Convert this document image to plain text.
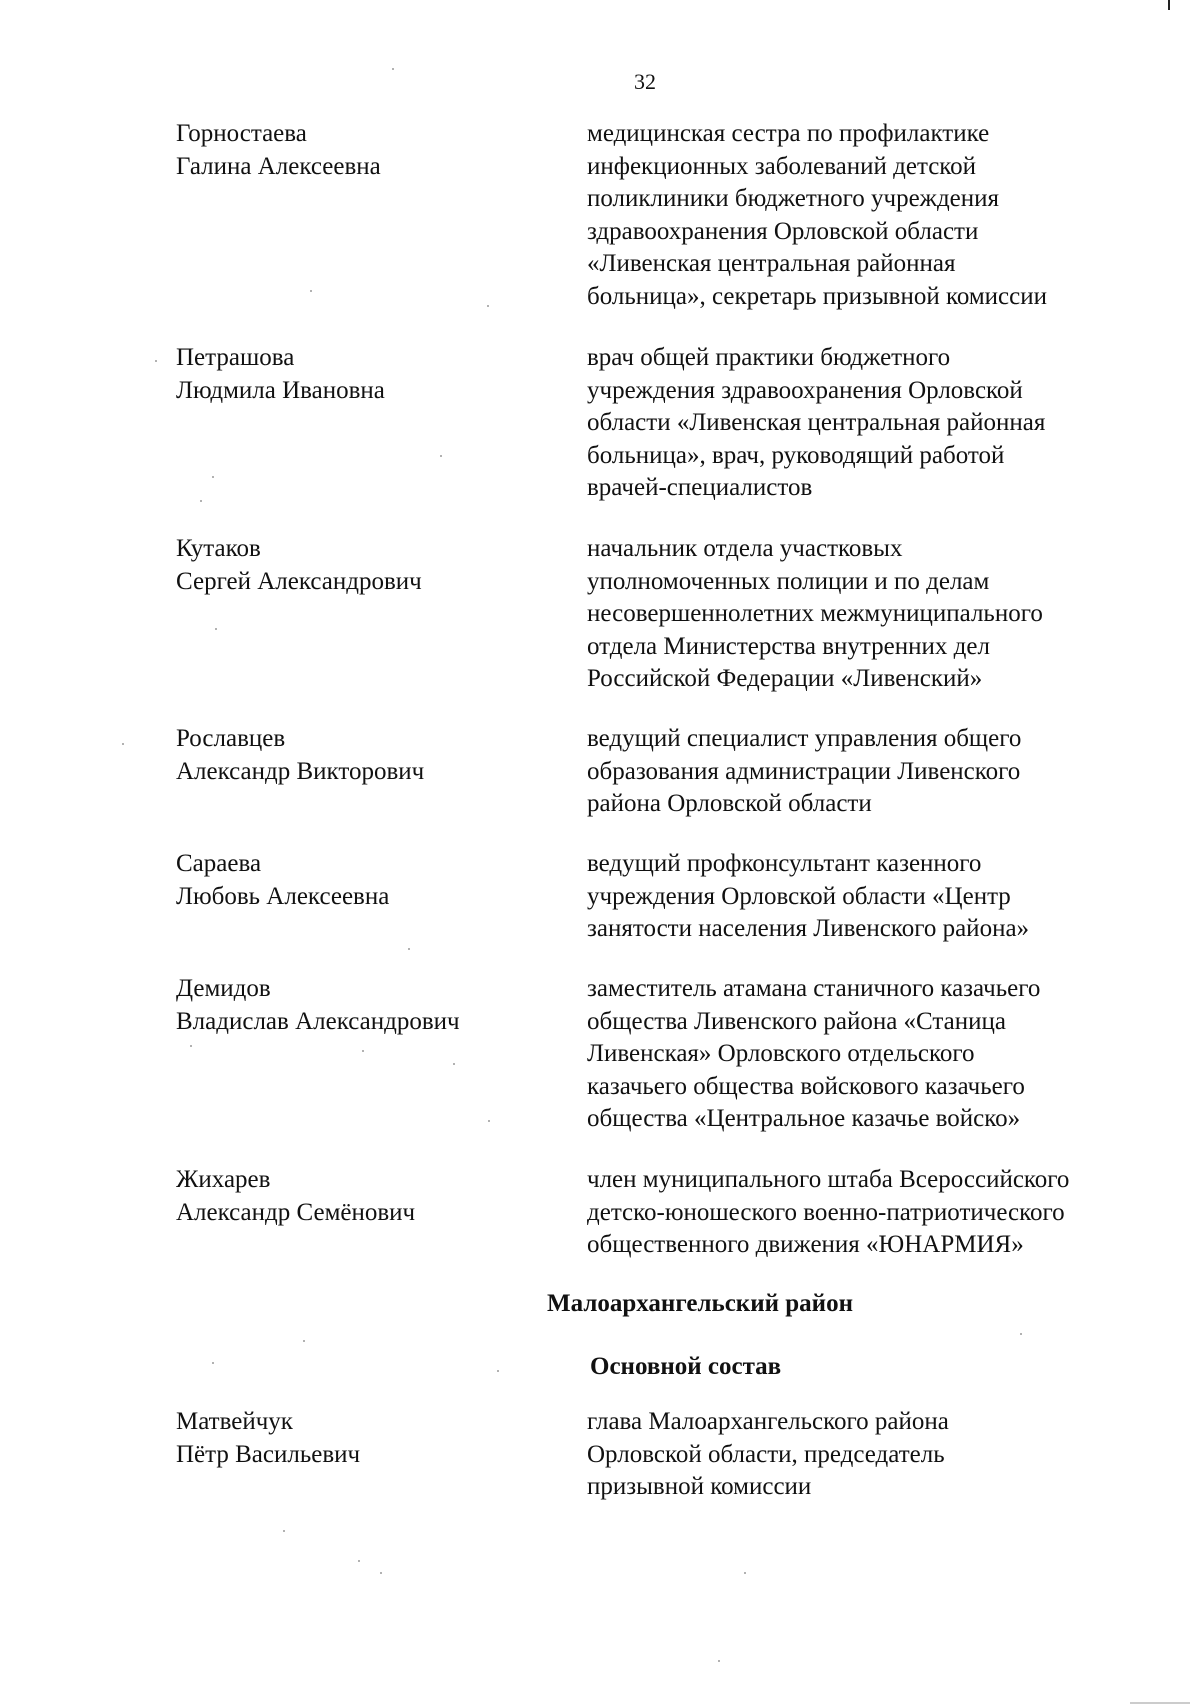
32
Горностаева
Галина Алексеевна
медицинская сестра по профилактике
инфекционных заболеваний детской
поликлиники бюджетного учреждения
здравоохранения Орловской области
«Ливенская центральная районная
больница», секретарь призывной комиссии
Петрашова
Людмила Ивановна
врач общей практики бюджетного
учреждения здравоохранения Орловской
области «Ливенская центральная районная
больница», врач, руководящий работой
врачей-специалистов
Кутаков
Сергей Александрович
начальник отдела участковых
уполномоченных полиции и по делам
несовершеннолетних межмуниципального
отдела Министерства внутренних дел
Российской Федерации «Ливенский»
Рославцев
Александр Викторович
ведущий специалист управления общего
образования администрации Ливенского
района Орловской области
Сараева
Любовь Алексеевна
ведущий профконсультант казенного
учреждения Орловской области «Центр
занятости населения Ливенского района»
Демидов
Владислав Александрович
заместитель атамана станичного казачьего
общества Ливенского района «Станица
Ливенская» Орловского отдельского
казачьего общества войскового казачьего
общества «Центральное казачье войско»
Жихарев
Александр Семёнович
член муниципального штаба Всероссийского
детско-юношеского военно-патриотического
общественного движения «ЮНАРМИЯ»
Малоархангельский район
Основной состав
Матвейчук
Пётр Васильевич
глава Малоархангельского района
Орловской области, председатель
призывной комиссии
